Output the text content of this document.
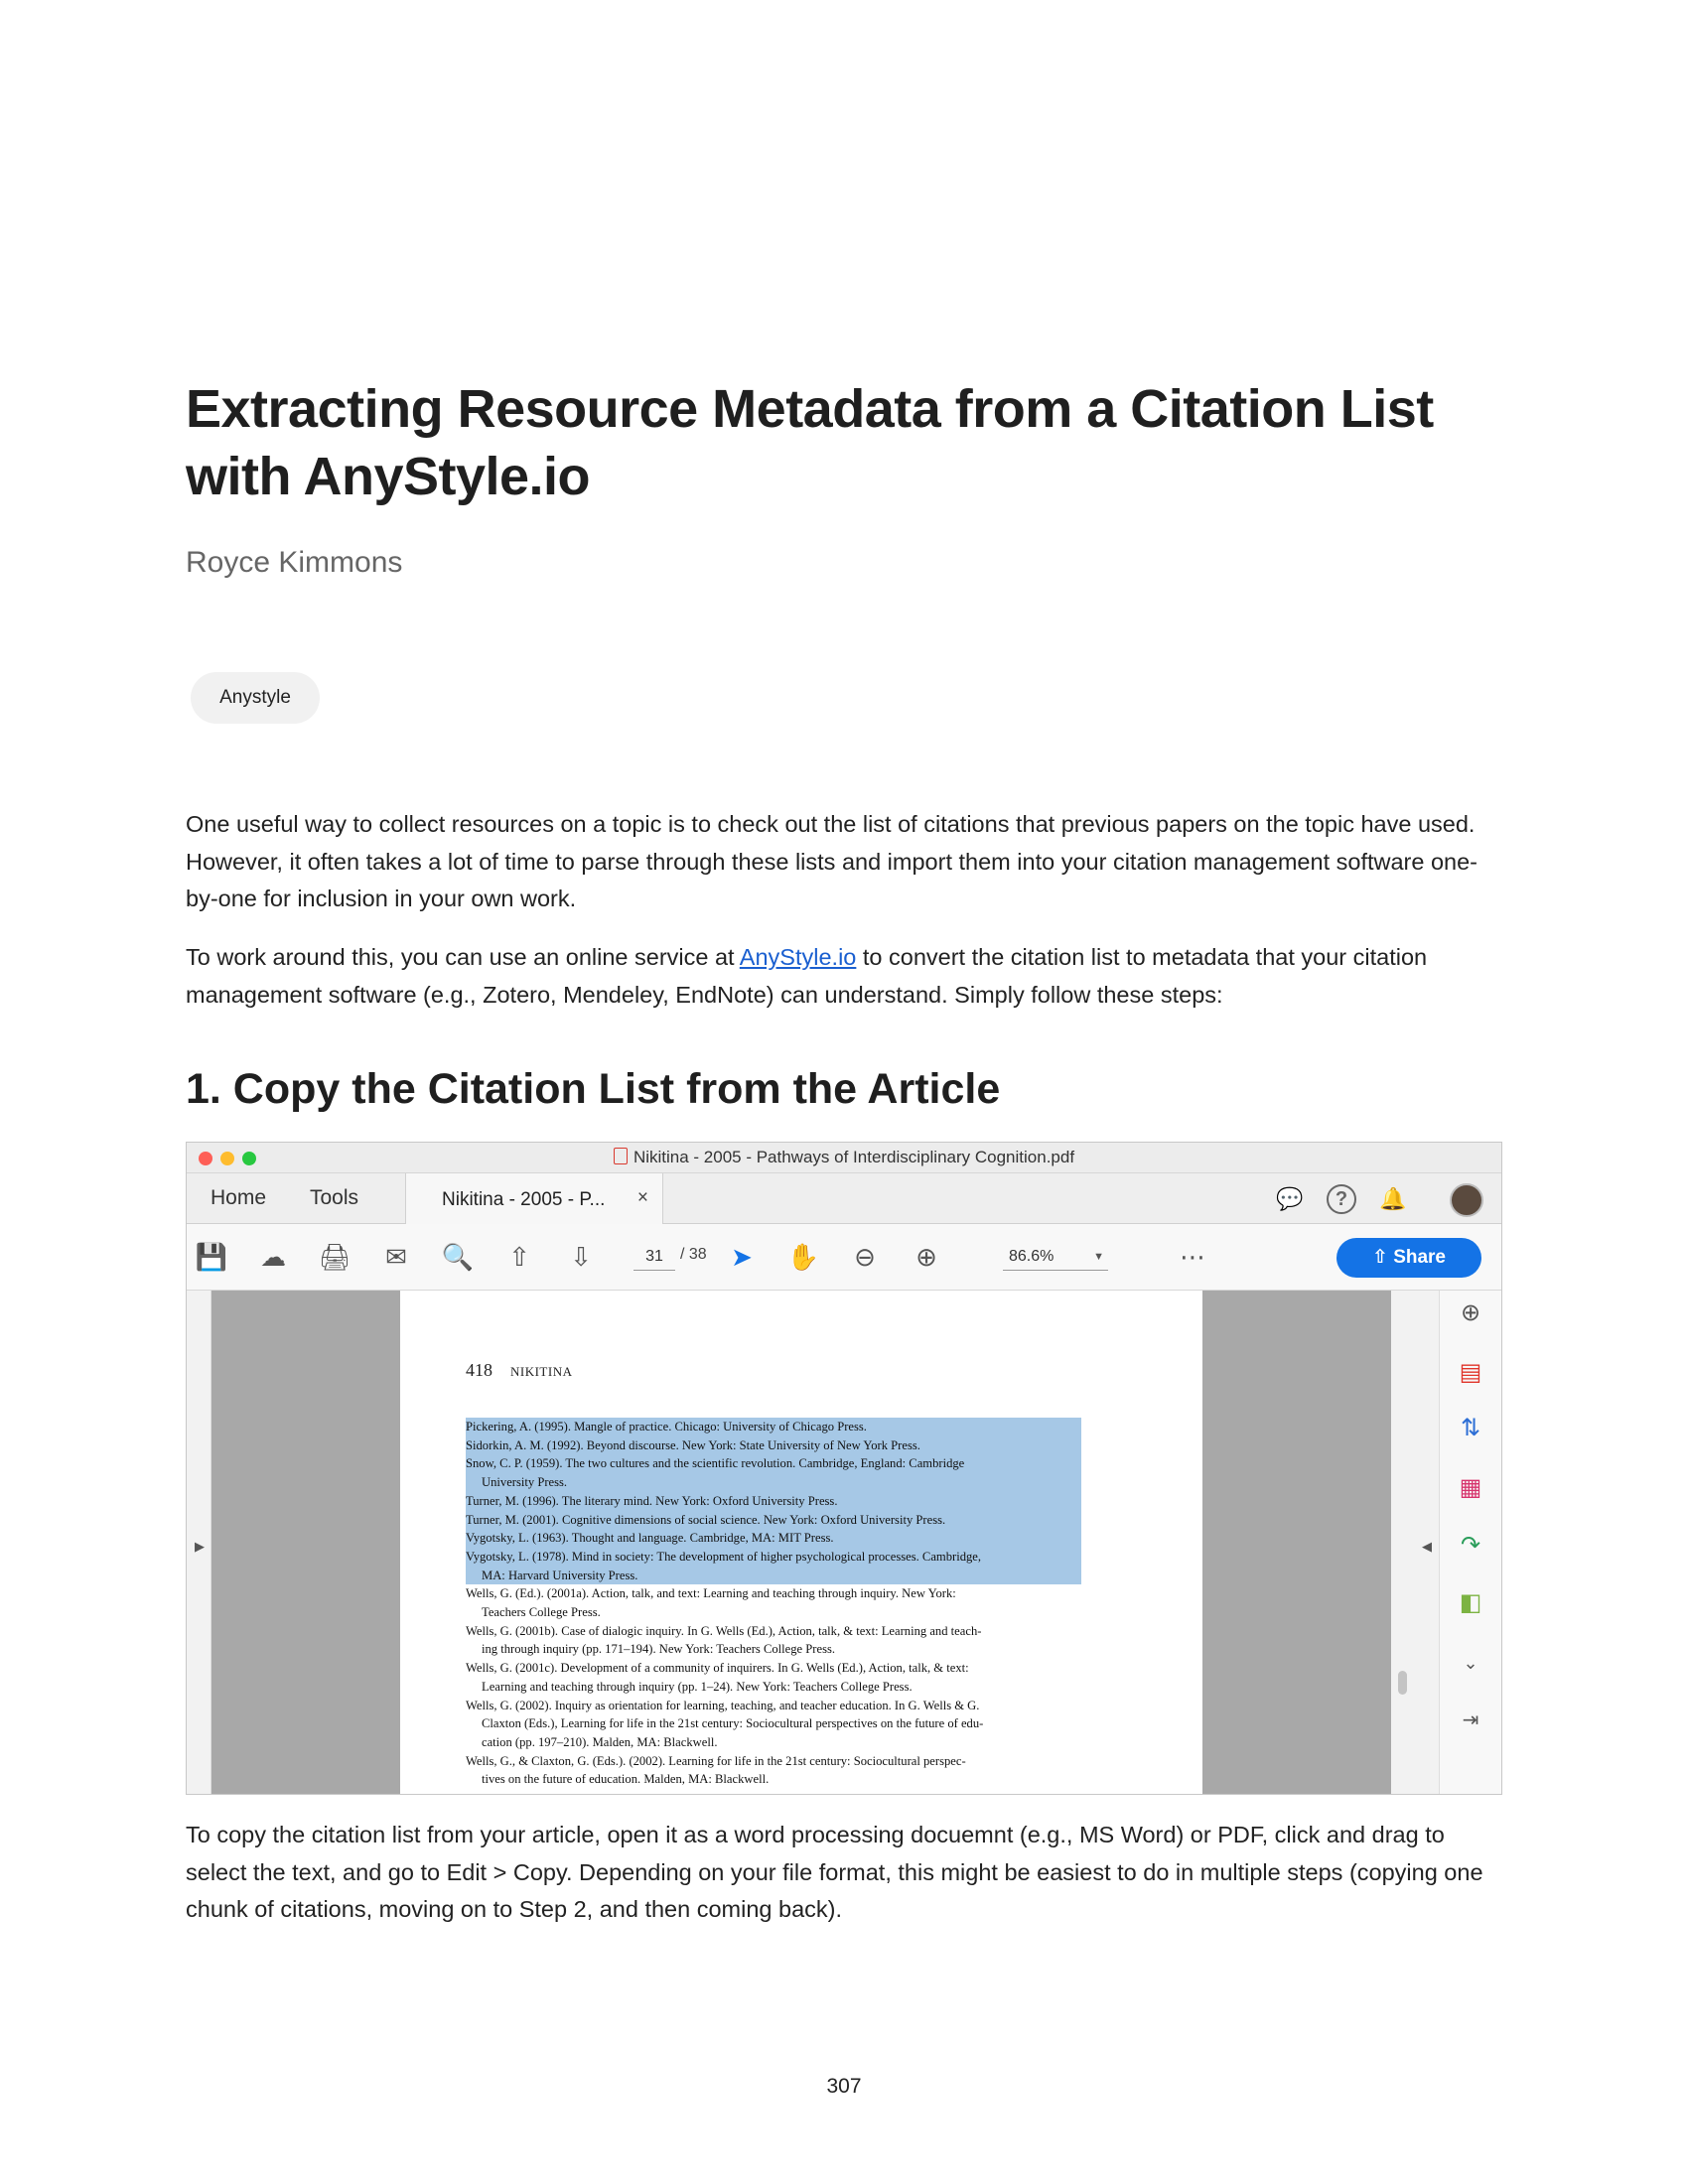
Extracting Resource Metadata from a Citation List with AnyStyle.io

Royce Kimmons

Anystyle

One useful way to collect resources on a topic is to check out the list of citations that previous papers on the topic have used. However, it often takes a lot of time to parse through these lists and import them into your citation management software one-by-one for inclusion in your own work.

To work around this, you can use an online service at AnyStyle.io to convert the citation list to metadata that your citation management software (e.g., Zotero, Mendeley, EndNote) can understand. Simply follow these steps:

1. Copy the Citation List from the Article
Nikitina - 2005 - Pathways of Interdisciplinary Cognition.pdf
Home Tools	Nikitina - 2005 - P... ×	💬	?	🔔
💾 ☁ 🖨 ✉ 🔍 ⇧ ⇩	31	/ 38 ➤ ✋ ⊖ ⊕	86.6%	▼	⋯	⇧ Share
▶
418 NIKITINA
Pickering, A. (1995). Mangle of practice. Chicago: University of Chicago Press.
Sidorkin, A. M. (1992). Beyond discourse. New York: State University of New York Press.
Snow, C. P. (1959). The two cultures and the scientific revolution. Cambridge, England: Cambridge
University Press.
Turner, M. (1996). The literary mind. New York: Oxford University Press.
Turner, M. (2001). Cognitive dimensions of social science. New York: Oxford University Press.
Vygotsky, L. (1963). Thought and language. Cambridge, MA: MIT Press.
Vygotsky, L. (1978). Mind in society: The development of higher psychological processes. Cambridge,
MA: Harvard University Press.
Wells, G. (Ed.). (2001a). Action, talk, and text: Learning and teaching through inquiry. New York:
Teachers College Press.
Wells, G. (2001b). Case of dialogic inquiry. In G. Wells (Ed.), Action, talk, & text: Learning and teach-
ing through inquiry (pp. 171–194). New York: Teachers College Press.
Wells, G. (2001c). Development of a community of inquirers. In G. Wells (Ed.), Action, talk, & text:
Learning and teaching through inquiry (pp. 1–24). New York: Teachers College Press.
Wells, G. (2002). Inquiry as orientation for learning, teaching, and teacher education. In G. Wells & G.
Claxton (Eds.), Learning for life in the 21st century: Sociocultural perspectives on the future of edu-
cation (pp. 197–210). Malden, MA: Blackwell.
Wells, G., & Claxton, G. (Eds.). (2002). Learning for life in the 21st century: Sociocultural perspec-
tives on the future of education. Malden, MA: Blackwell.
◀
⊕
▤
⇅
▦
↷
◧
⌄
⇥

To copy the citation list from your article, open it as a word processing docuemnt (e.g., MS Word) or PDF, click and drag to select the text, and go to Edit > Copy. Depending on your file format, this might be easiest to do in multiple steps (copying one chunk of citations, moving on to Step 2, and then coming back).

307
